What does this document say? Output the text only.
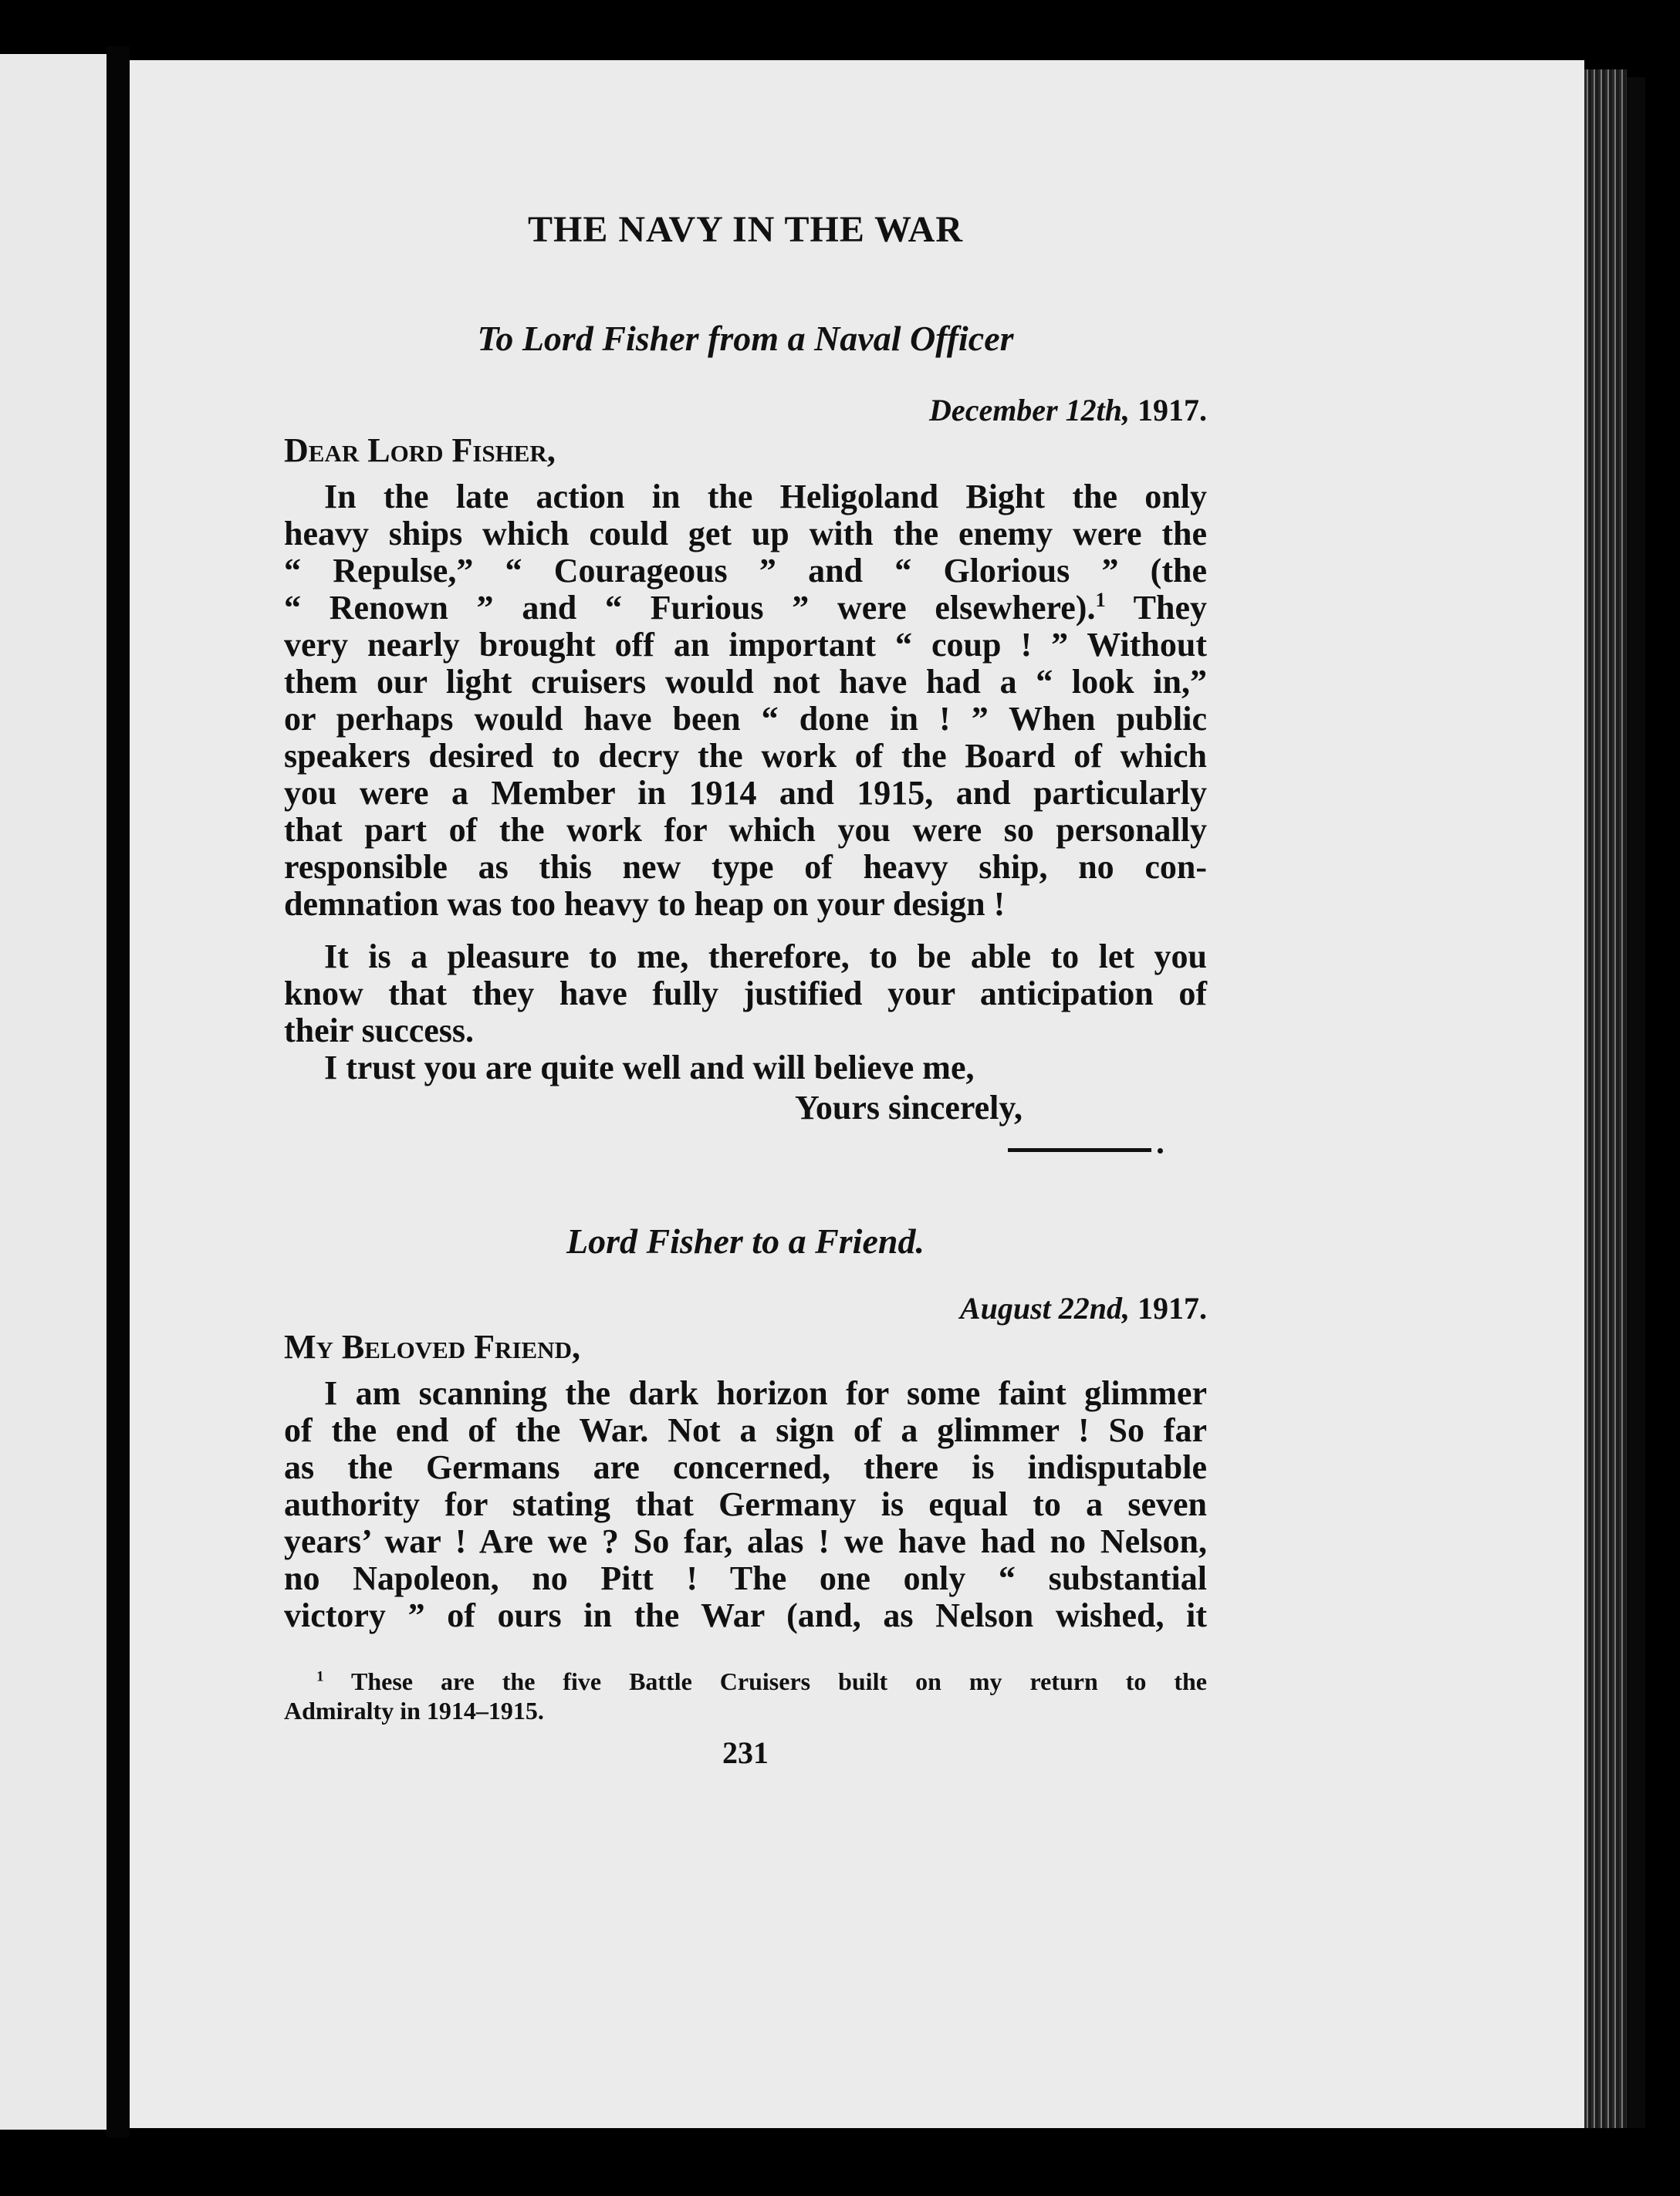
THE NAVY IN THE WAR
To Lord Fisher from a Naval Officer
December 12th, 1917.
Dear Lord Fisher,
In the late action in the Heligoland Bight the only
heavy ships which could get up with the enemy were the
“ Repulse,” “ Courageous ” and “ Glorious ” (the
“ Renown ” and “ Furious ” were elsewhere).$^1$ They
very nearly brought off an important “ coup ! ” Without
them our light cruisers would not have had a “ look in,”
or perhaps would have been “ done in ! ” When public
speakers desired to decry the work of the Board of which
you were a Member in 1914 and 1915, and particularly
that part of the work for which you were so personally
responsible as this new type of heavy ship, no con-
demnation was too heavy to heap on your design !
It is a pleasure to me, therefore, to be able to let you
know that they have fully justified your anticipation of
their success.
I trust you are quite well and will believe me,
Yours sincerely,
Lord Fisher to a Friend.
August 22nd, 1917.
My Beloved Friend,
I am scanning the dark horizon for some faint glimmer
of the end of the War. Not a sign of a glimmer ! So far
as the Germans are concerned, there is indisputable
authority for stating that Germany is equal to a seven
years’ war ! Are we ? So far, alas ! we have had no Nelson,
no Napoleon, no Pitt ! The one only “ substantial
victory ” of ours in the War (and, as Nelson wished, it
$^1$ These are the five Battle Cruisers built on my return to the
Admiralty in 1914–1915.
231
